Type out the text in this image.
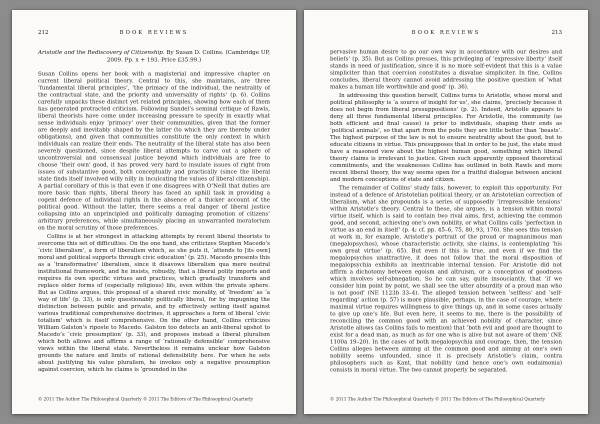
212	BOOK REVIEWS
Aristotle and the Rediscovery of Citizenship. By Susan D. Collins. (Cambridge UP, 2009. Pp. x + 193. Price £35.99.)

Susan Collins opens her book with a magisterial and impressive chapter on current liberal political theory. Central to this, she maintains, are three ‘fundamental liberal principles’, ‘the primacy of the individual, the neutrality of the contractual state, and the priority and universality of rights’ (p. 6). Collins carefully unpacks these distinct yet related principles, showing how each of them has generated protracted criticism. Following Sandel’s seminal critique of Rawls, liberal theorists have come under increasing pressure to specify in exactly what sense individuals enjoy ‘primacy’ over their communities, given that the former are deeply and inevitably shaped by the latter (to which they are thereby under obligations), and given that communities constitute the only context in which individuals can realize their ends. The neutrality of the liberal state has also been severely questioned, since despite liberal attempts to carve out a sphere of uncontroversial and consensual justice beyond which individuals are free to choose ‘their own’ good, it has proved very hard to insulate issues of right from issues of substantive good, both conceptually and practically (since the liberal state finds itself involved willy nilly in inculcating the values of liberal citizenship). A partial corollary of this is that even if one disagrees with O’Neill that duties are more basic than rights, liberal theory has faced an uphill task in providing a cogent defence of individual rights in the absence of a thicker account of the political good. Without the latter, there seems a real danger of liberal justice collapsing into an unprincipled and politically damaging promotion of citizens’ arbitrary preferences, while simultaneously placing an unwarranted moratorium on the moral scrutiny of those preferences.

Collins is at her strongest in attacking attempts by recent liberal theorists to overcome this set of difficulties. On the one hand, she criticizes Stephen Macedo’s ‘civic liberalism’, a form of liberalism which, as she puts it, ‘attends to [its own] moral and political supports through civic education’ (p. 25). Macedo presents this as a ‘transformative’ liberalism, since it disavows liberalism qua mere neutral institutional framework, and he insists, robustly, that a liberal polity imports and requires its own specific virtues and practices, which gradually transform and replace older forms of (especially religious) life, even within the private sphere. But as Collins argues, this proposal of a shared civic morality, of ‘freedom’ as ‘a way of life’ (p. 33), is only questionably politically liberal, for by impugning the distinction between public and private, and by effectively setting itself against various traditional comprehensive doctrines, it approaches a form of liberal ‘civic totalism’ which is itself comprehensive. On the other hand, Collins criticizes William Galston’s riposte to Macedo. Galston too detects an anti-liberal upshot to Macedo’s ‘civic presumption’ (p. 33), and proposes instead a liberal pluralism which both allows and affirms a range of ‘rationally defensible’ comprehensive views within the liberal state. Nevertheless it remains unclear how Galston grounds the nature and limits of rational defensibility here. For when he sets about justifying his value pluralism, he invokes only a negative presumption against coercion, which he claims is ‘grounded in the

© 2011 The Author The Philosophical Quarterly © 2011 The Editors of The Philosophical Quarterly
BOOK REVIEWS	213

pervasive human desire to go our own way in accordance with our desires and beliefs’ (p. 35). But as Collins presses, this privileging of ‘expressive liberty’ itself stands in need of justification, since it is no more self-evident that this is a value simpliciter than that coercion constitutes a disvalue simpliciter. In fine, Collins concludes, liberal theory cannot avoid addressing the positive question of ‘what makes a human life worthwhile and good’ (p. 36).

In addressing this question herself, Collins turns to Aristotle, whose moral and political philosophy is ‘a source of insight for us’, she claims, ‘precisely because it does not begin from liberal presuppositions’ (p. 2). Indeed, Aristotle appears to deny all three fundamental liberal principles. For Aristotle, the community (as both efficient and final cause) is prior to individuals, shaping their ends as ‘political animals’, so that apart from the polis they are little better than ‘beasts’. The highest purpose of the law is not to ensure neutrality about the good, but to educate citizens in virtue. This presupposes that in order to be just, the state must have a reasoned view about the highest human good, something which liberal theory claims is irrelevant to justice. Given such apparently opposed theoretical commitments, and the weaknesses Collins has outlined in both Rawls and more recent liberal theory, the way seems open for a fruitful dialogue between ancient and modern conceptions of state and citizen.

The remainder of Collins’ study fails, however, to exploit this opportunity. For instead of a defence of Aristotelian political theory, or an Aristotelian correction of liberalism, what she propounds is a series of supposedly ‘irrepressible tensions’ within Aristotle’s theory. Central to these, she argues, is a tension within moral virtue itself, which is said to contain two rival aims, first, achieving the common good, and second, achieving one’s own nobility, or what Collins calls ‘perfection in virtue as an end in itself’ (p. 4; cf. pp. 45–6, 75, 80, 93, 176). She sees this tension at work in, for example, Aristotle’s portrait of the proud or magnanimous man (megalopsychos), whose characteristic activity, she claims, is contemplating ‘his own great virtue’ (p. 65). But even if this is true, and even if we find the megalopsychos unattractive, it does not follow that the moral disposition of megalopsychia exhibits an inextricable internal tension. For Aristotle did not affirm a dichotomy between egoism and altruism, or a conception of goodness which involves self-abnegation. So he can say, quite insouciantly, that ‘if we consider him point by point, we shall see the utter absurdity of a proud man who is not good’ (NE 1123b 33–4). The alleged tension between ‘selfless’ and ‘self-regarding’ action (p. 57) is more plausible, perhaps, in the case of courage, where maximal virtue requires willingness to give things up, and in some cases actually to give up one’s life. But even here, it seems to me, there is the possibility of reconciling the common good with an achieved nobility of character, since Aristotle allows (as Collins fails to mention) that ‘both evil and good are thought to exist for a dead man, as much as for one who is alive but not aware of them’ (NE 1100a 19–20). In the cases of both megalopsychia and courage, then, the tension Collins alleges between aiming at the common good and aiming at one’s own nobility seems unfounded, since it is precisely Aristotle’s claim, contra philosophers such as Kant, that nobility (and hence one’s own eudaimonia) consists in moral virtue. The two cannot properly be separated.

© 2011 The Author The Philosophical Quarterly © 2011 The Editors of The Philosophical Quarterly
